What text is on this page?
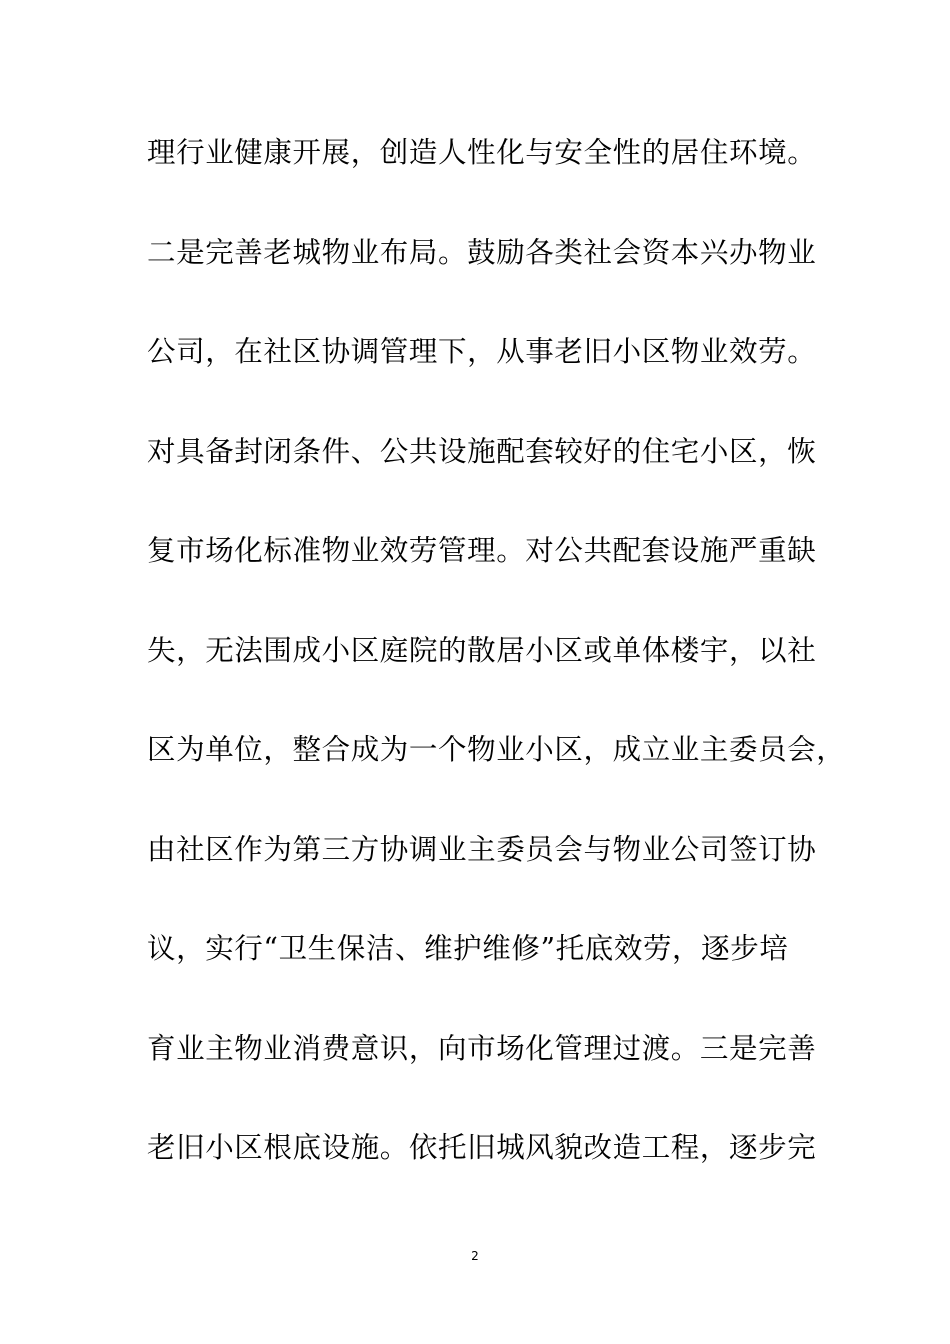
理行业健康开展，创造人性化与安全性的居住环境。
二是完善老城物业布局。鼓励各类社会资本兴办物业
公司，在社区协调管理下，从事老旧小区物业效劳。
对具备封闭条件、公共设施配套较好的住宅小区，恢
复市场化标准物业效劳管理。对公共配套设施严重缺
失，无法围成小区庭院的散居小区或单体楼宇，以社
区为单位，整合成为一个物业小区，成立业主委员会，
由社区作为第三方协调业主委员会与物业公司签订协
议，实行“卫生保洁、维护维修”托底效劳，逐步培
育业主物业消费意识，向市场化管理过渡。三是完善
老旧小区根底设施。依托旧城风貌改造工程，逐步完
2
